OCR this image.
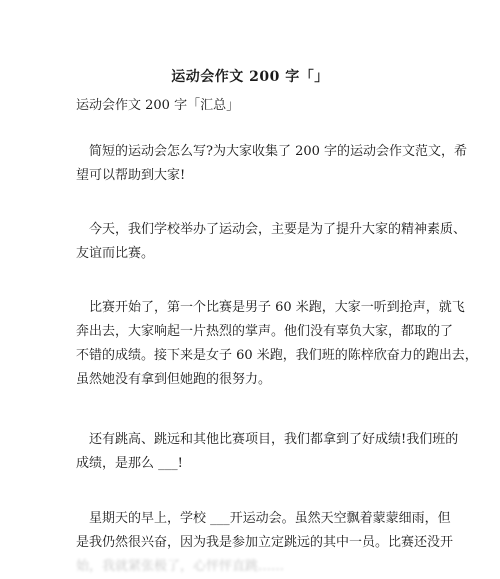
运动会作文 200 字「」
运动会作文 200 字「汇总」
简短的运动会怎么写?为大家收集了 200 字的运动会作文范文，希
望可以帮助到大家!
今天，我们学校举办了运动会，主要是为了提升大家的精神素质、
友谊而比赛。
比赛开始了，第一个比赛是男子 60 米跑，大家一听到抢声，就飞
奔出去，大家响起一片热烈的掌声。他们没有辜负大家，都取的了
不错的成绩。接下来是女子 60 米跑，我们班的陈梓欣奋力的跑出去，
虽然她没有拿到但她跑的很努力。
还有跳高、跳远和其他比赛项目，我们都拿到了好成绩!我们班的
成绩，是那么 ___!
星期天的早上，学校 ___开运动会。虽然天空飘着蒙蒙细雨，但
是我仍然很兴奋，因为我是参加立定跳远的其中一员。比赛还没开
始，我就紧张极了，心怦怦直跳……
